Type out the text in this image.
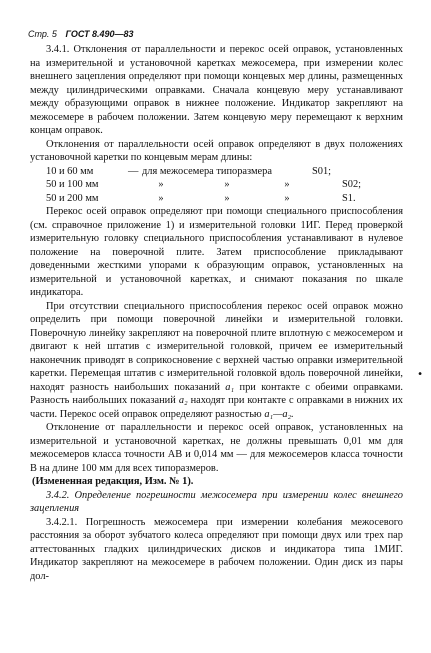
Стр. 5 ГОСТ 8.490—83

3.4.1. Отклонения от параллельности и перекос осей оправок, установленных на измерительной и установочной каретках межосемера, при измерении колес внешнего зацепления определяют при помощи концевых мер длины, размещенных между цилиндрическими оправками. Сначала концевую меру устанавливают между образующими оправок в нижнее положение. Индикатор закрепляют на межосемере в рабочем положении. Затем концевую меру перемещают к верхним концам оправок.

Отклонения от параллельности осей оправок определяют в двух положениях установочной каретки по концевым мерам длины:

10 и 60 мм	— для межосемера типоразмера	S01;
50 и 100 мм	»	»	»	S02;
50 и 200 мм	»	»	»	S1.

Перекос осей оправок определяют при помощи специального приспособления (см. справочное приложение 1) и измерительной головки 1ИГ. Перед проверкой измерительную головку специального приспособления устанавливают в нулевое положение на поверочной плите. Затем приспособление прикладывают доведенными жесткими упорами к образующим оправок, установленных на измерительной и установочной каретках, и снимают показания по шкале индикатора.

При отсутствии специального приспособления перекос осей оправок можно определить при помощи поверочной линейки и измерительной головки. Поверочную линейку закрепляют на поверочной плите вплотную с межосемером и двигают к ней штатив с измерительной головкой, причем ее измерительный наконечник приводят в соприкосновение с верхней частью оправки измерительной каретки. Перемещая штатив с измерительной головкой вдоль поверочной линейки, находят разность наибольших показаний a₁ при контакте с обеими оправками. Разность наибольших показаний a₂ находят при контакте с оправками в нижних их части. Перекос осей оправок определяют разностью a₁—a₂.

Отклонение от параллельности и перекос осей оправок, установленных на измерительной и установочной каретках, не должны превышать 0,01 мм для межосемеров класса точности АВ и 0,014 мм — для межосемеров класса точности В на длине 100 мм для всех типоразмеров.

(Измененная редакция, Изм. № 1).

3.4.2. Определение погрешности межосемера при измерении колес внешнего зацепления

3.4.2.1. Погрешность межосемера при измерении колебания межосевого расстояния за оборот зубчатого колеса определяют при помощи двух или трех пар аттестованных гладких цилиндрических дисков и индикатора типа 1МИГ. Индикатор закрепляют на межосемере в рабочем положении. Один диск из пары дол-

•
